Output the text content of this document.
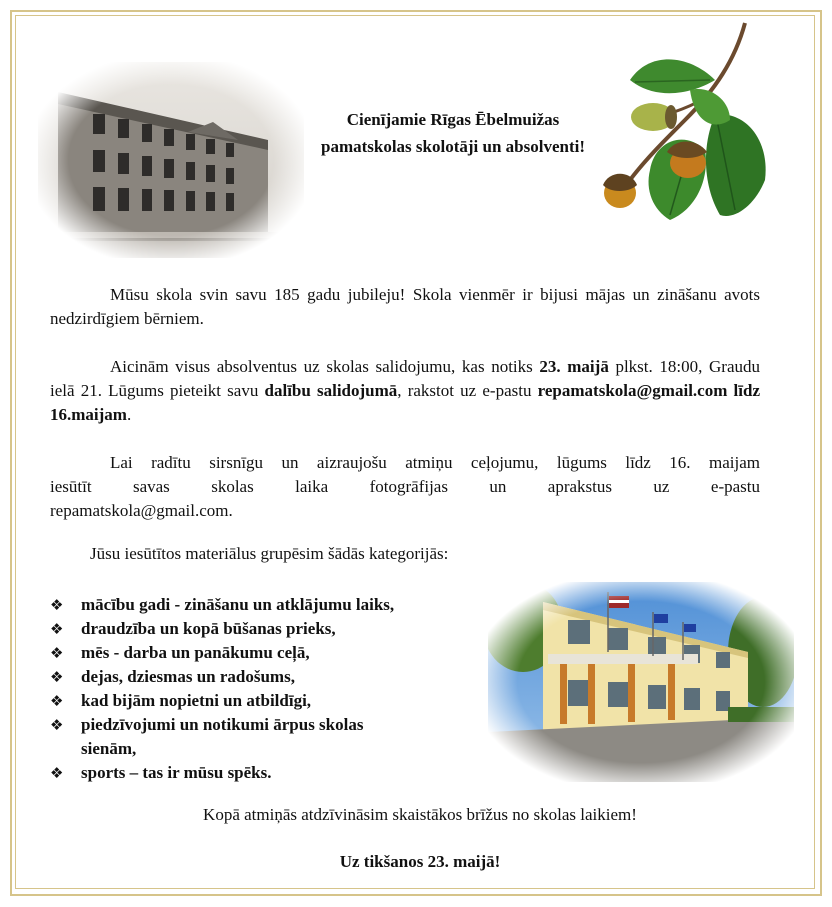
Cienījamie Rīgas Ēbelmuižas
pamatskolas skolotāji un absolventi!
Mūsu skola svin savu 185 gadu jubileju! Skola vienmēr ir bijusi mājas un zināšanu avots nedzirdīgiem bērniem.
Aicinām visus absolventus uz skolas salidojumu, kas notiks 23. maijā plkst. 18:00, Graudu ielā 21. Lūgums pieteikt savu dalību salidojumā, rakstot uz e-pastu repamatskola@gmail.com līdz 16.maijam.
Lai radītu sirsnīgu un aizraujošu atmiņu ceļojumu, lūgums līdz 16. maijam
iesūtīt savas skolas laika fotogrāfijas un aprakstus uz e-pastu
repamatskola@gmail.com.
Jūsu iesūtītos materiālus grupēsim šādās kategorijās:
❖ mācību gadi - zināšanu un atklājumu laiks,
❖ draudzība un kopā būšanas prieks,
❖ mēs - darba un panākumu ceļā,
❖ dejas, dziesmas un radošums,
❖ kad bijām nopietni un atbildīgi,
❖ piedzīvojumi un notikumi ārpus skolas sienām,
❖ sports – tas ir mūsu spēks.
Kopā atmiņās atdzīvināsim skaistākos brīžus no skolas laikiem!
Uz tikšanos 23. maijā!
